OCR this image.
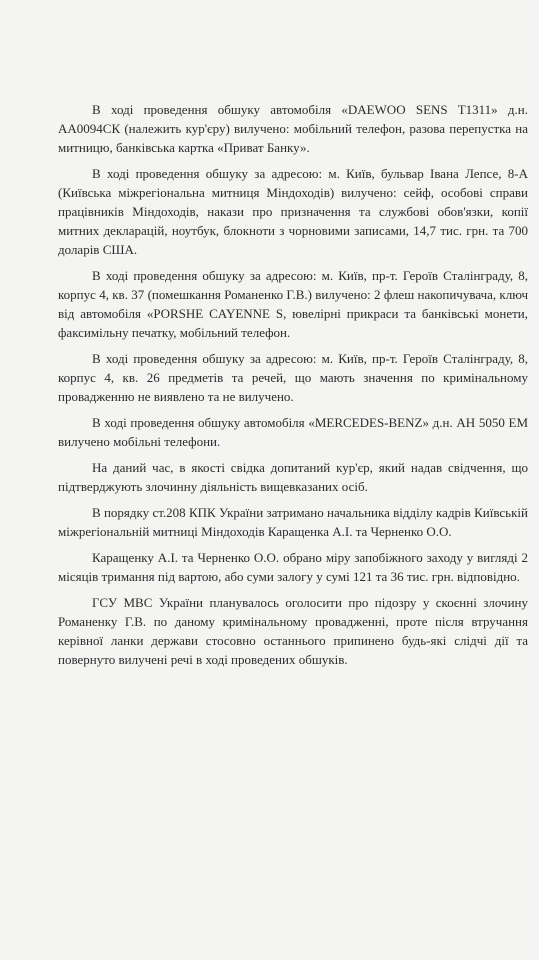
В ході проведення обшуку автомобіля «DAEWOO SENS T1311» д.н. АА0094СК (належить кур'єру) вилучено: мобільний телефон, разова перепустка на митницю, банківська картка «Приват Банку».

В ході проведення обшуку за адресою: м. Київ, бульвар Івана Лепсе, 8-А (Київська міжрегіональна митниця Міндоходів) вилучено: сейф, особові справи працівників Міндоходів, накази про призначення та службові обов'язки, копії митних декларацій, ноутбук, блокноти з чорновими записами, 14,7 тис. грн. та 700 доларів США.

В ході проведення обшуку за адресою: м. Київ, пр-т. Героїв Сталінграду, 8, корпус 4, кв. 37 (помешкання Романенко Г.В.) вилучено: 2 флеш накопичувача, ключ від автомобіля «PORSHE CAYENNE S, ювелірні прикраси та банківські монети, факсимільну печатку, мобільний телефон.

В ході проведення обшуку за адресою: м. Київ, пр-т. Героїв Сталінграду, 8, корпус 4, кв. 26 предметів та речей, що мають значення по кримінальному провадженню не виявлено та не вилучено.

В ході проведення обшуку автомобіля «MERCEDES-BENZ» д.н. АН 5050 ЕМ вилучено мобільні телефони.

На даний час, в якості свідка допитаний кур'єр, який надав свідчення, що підтверджують злочинну діяльність вищевказаних осіб.

В порядку ст.208 КПК України затримано начальника відділу кадрів Київській міжрегіональній митниці Міндоходів Каращенка А.І. та Черненко О.О.

Каращенку А.І. та Черненко О.О. обрано міру запобіжного заходу у вигляді 2 місяців тримання під вартою, або суми залогу у сумі 121 та 36 тис. грн. відповідно.

ГСУ МВС України планувалось оголосити про підозру у скоєнні злочину Романенку Г.В. по даному кримінальному провадженні, проте після втручання керівної ланки держави стосовно останнього припинено будь-які слідчі дії та повернуто вилучені речі в ході проведених обшуків.
